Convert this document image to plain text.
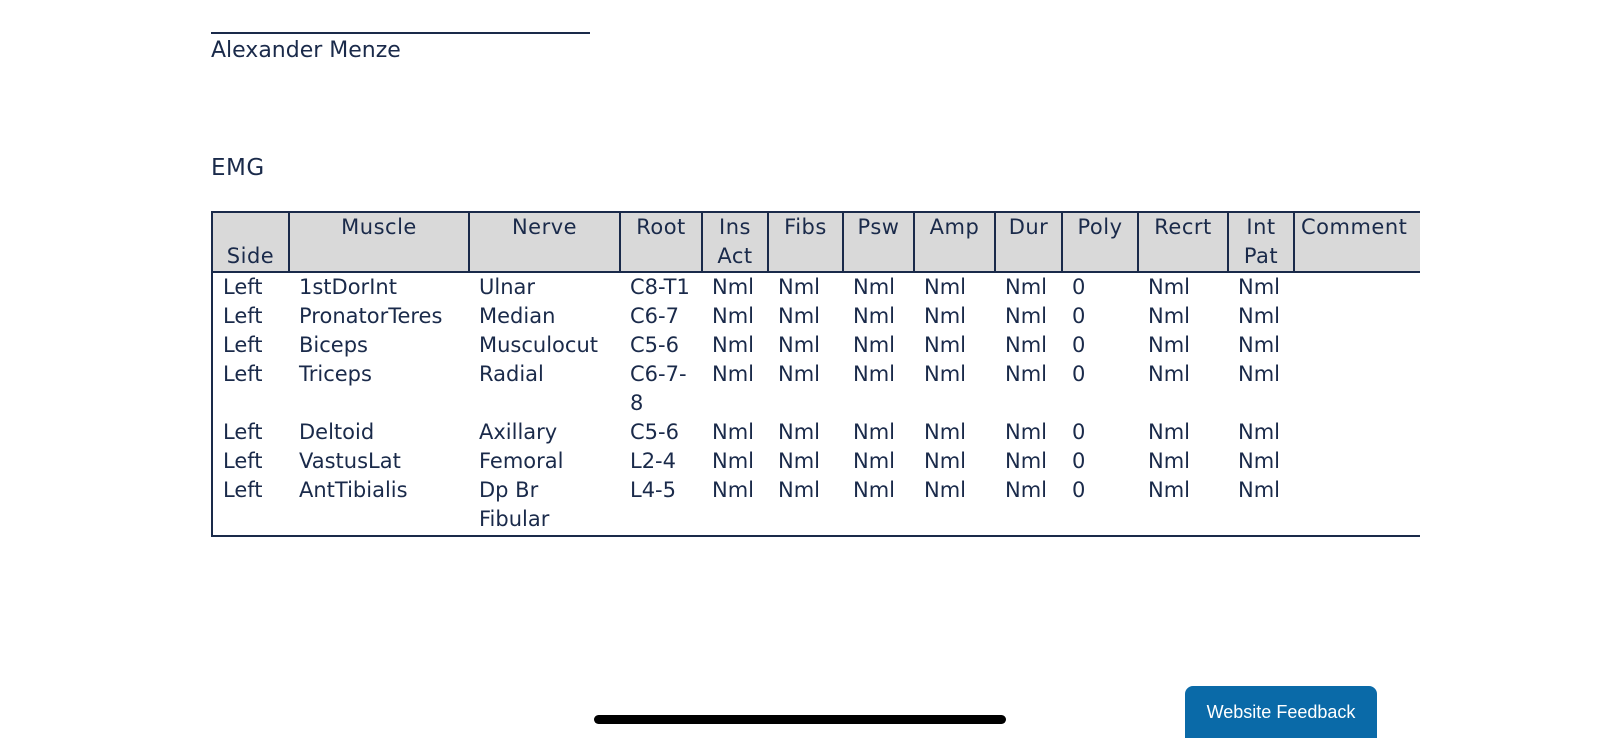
Alexander Menze
EMG
Side	Muscle	Nerve	Root	Ins Act	Fibs	Psw	Amp	Dur	Poly	Recrt	Int Pat	Comment
Left	1stDorInt	Ulnar	C8-T1	Nml	Nml	Nml	Nml	Nml	0	Nml	Nml	
Left	PronatorTeres	Median	C6-7	Nml	Nml	Nml	Nml	Nml	0	Nml	Nml	
Left	Biceps	Musculocut	C5-6	Nml	Nml	Nml	Nml	Nml	0	Nml	Nml	
Left	Triceps	Radial	C6-7-8	Nml	Nml	Nml	Nml	Nml	0	Nml	Nml	
Left	Deltoid	Axillary	C5-6	Nml	Nml	Nml	Nml	Nml	0	Nml	Nml	
Left	VastusLat	Femoral	L2-4	Nml	Nml	Nml	Nml	Nml	0	Nml	Nml	
Left	AntTibialis	Dp Br Fibular	L4-5	Nml	Nml	Nml	Nml	Nml	0	Nml	Nml	
Website Feedback
